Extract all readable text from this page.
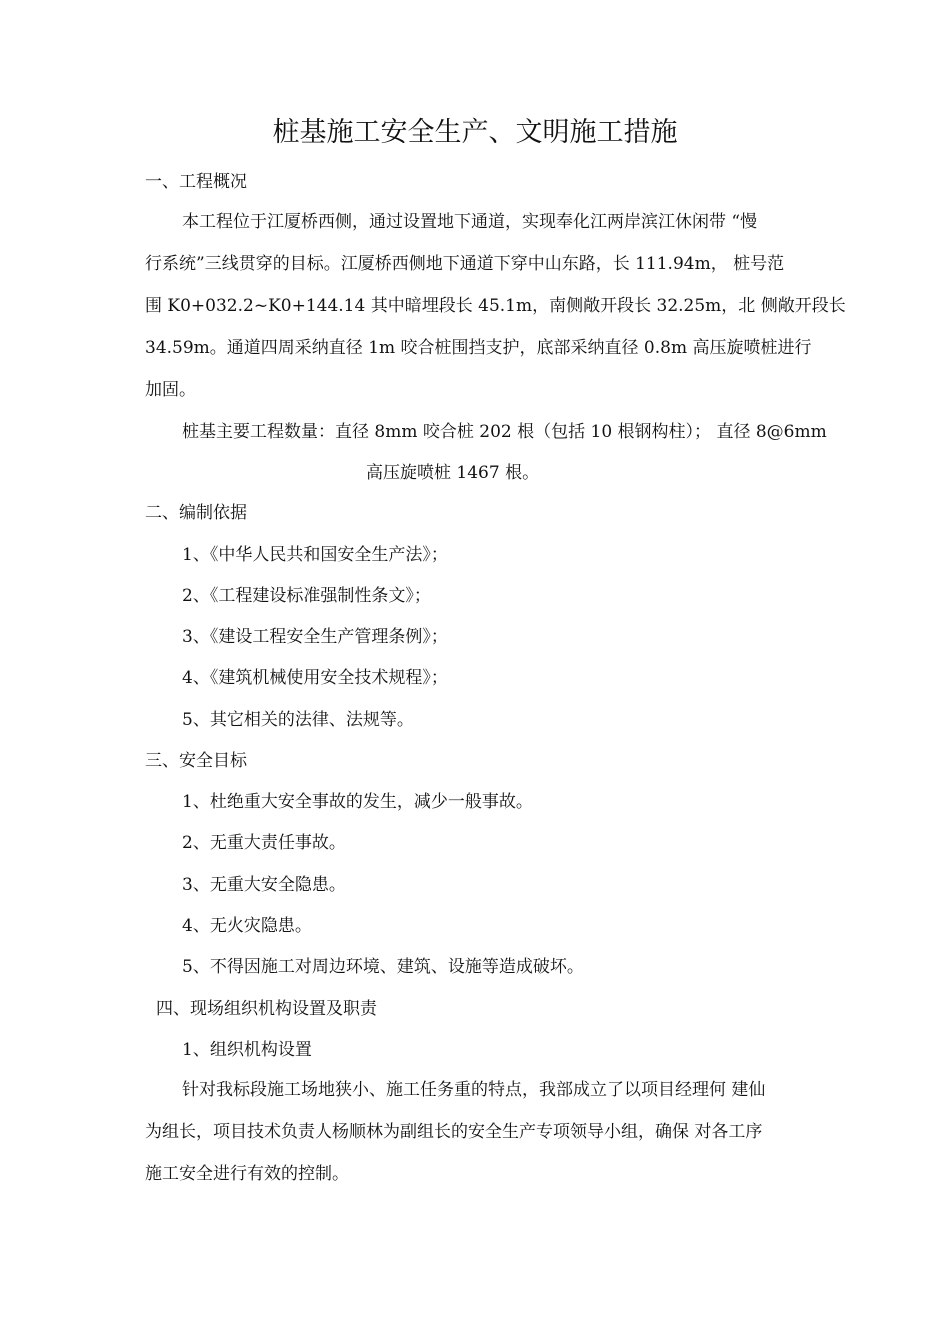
桩基施工安全生产、文明施工措施
一、工程概况
本工程位于江厦桥西侧，通过设置地下通道，实现奉化江两岸滨江休闲带 “慢
行系统”三线贯穿的目标。江厦桥西侧地下通道下穿中山东路，长 111.94m， 桩号范
围 K0+032.2~K0+144.14 其中暗埋段长 45.1m，南侧敞开段长 32.25m，北 侧敞开段长
34.59m。通道四周采纳直径 1m 咬合桩围挡支护，底部采纳直径 0.8m 高压旋喷桩进行
加固。
桩基主要工程数量：直径 8mm 咬合桩 202 根（包括 10 根钢构柱）； 直径 8@6mm
高压旋喷桩 1467 根。
二、编制依据
1、《中华人民共和国安全生产法》；
2、《工程建设标准强制性条文》；
3、《建设工程安全生产管理条例》；
4、《建筑机械使用安全技术规程》；
5、其它相关的法律、法规等。
三、安全目标
1、杜绝重大安全事故的发生，减少一般事故。
2、无重大责任事故。
3、无重大安全隐患。
4、无火灾隐患。
5、不得因施工对周边环境、建筑、设施等造成破坏。
四、现场组织机构设置及职责
1、组织机构设置
针对我标段施工场地狭小、施工任务重的特点，我部成立了以项目经理何 建仙
为组长，项目技术负责人杨顺林为副组长的安全生产专项领导小组，确保 对各工序
施工安全进行有效的控制。
